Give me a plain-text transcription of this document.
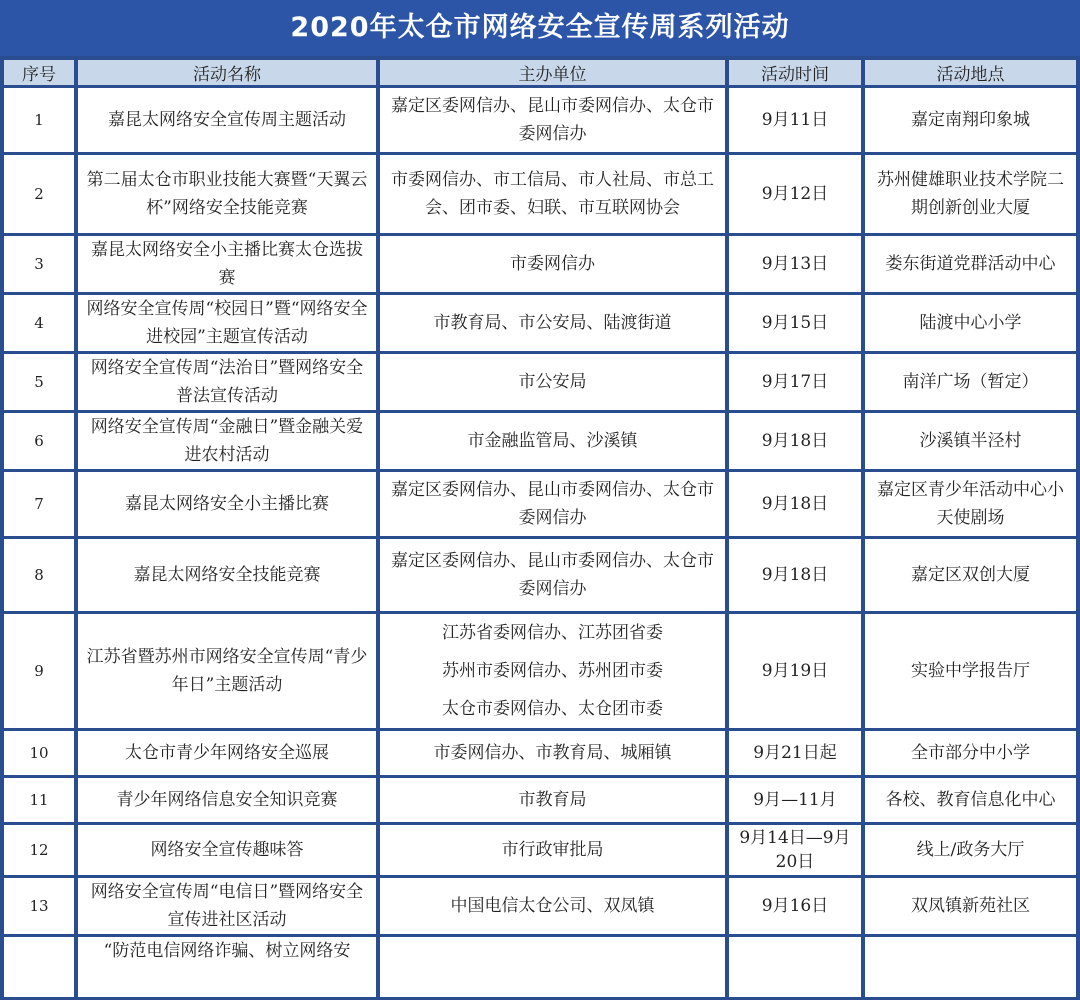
2020年太仓市网络安全宣传周系列活动
序号	活动名称	主办单位	活动时间	活动地点
1	嘉昆太网络安全宣传周主题活动	嘉定区委网信办、昆山市委网信办、太仓市委网信办	9月11日	嘉定南翔印象城
2	第二届太仓市职业技能大赛暨“天翼云杯”网络安全技能竞赛	市委网信办、市工信局、市人社局、市总工会、团市委、妇联、市互联网协会	9月12日	苏州健雄职业技术学院二期创新创业大厦
3	嘉昆太网络安全小主播比赛太仓选拔赛	市委网信办	9月13日	娄东街道党群活动中心
4	网络安全宣传周“校园日”暨“网络安全进校园”主题宣传活动	市教育局、市公安局、陆渡街道	9月15日	陆渡中心小学
5	网络安全宣传周“法治日”暨网络安全普法宣传活动	市公安局	9月17日	南洋广场（暂定）
6	网络安全宣传周“金融日”暨金融关爱进农村活动	市金融监管局、沙溪镇	9月18日	沙溪镇半泾村
7	嘉昆太网络安全小主播比赛	嘉定区委网信办、昆山市委网信办、太仓市委网信办	9月18日	嘉定区青少年活动中心小天使剧场
8	嘉昆太网络安全技能竞赛	嘉定区委网信办、昆山市委网信办、太仓市委网信办	9月18日	嘉定区双创大厦
9	江苏省暨苏州市网络安全宣传周“青少年日”主题活动	江苏省委网信办、江苏团省委
苏州市委网信办、苏州团市委
太仓市委网信办、太仓团市委	9月19日	实验中学报告厅
10	太仓市青少年网络安全巡展	市委网信办、市教育局、城厢镇	9月21日起	全市部分中小学
11	青少年网络信息安全知识竞赛	市教育局	9月—11月	各校、教育信息化中心
12	网络安全宣传趣味答	市行政审批局	9月14日—9月20日	线上/政务大厅
13	网络安全宣传周“电信日”暨网络安全宣传进社区活动	中国电信太仓公司、双凤镇	9月16日	双凤镇新苑社区
	“防范电信网络诈骗、树立网络安			
